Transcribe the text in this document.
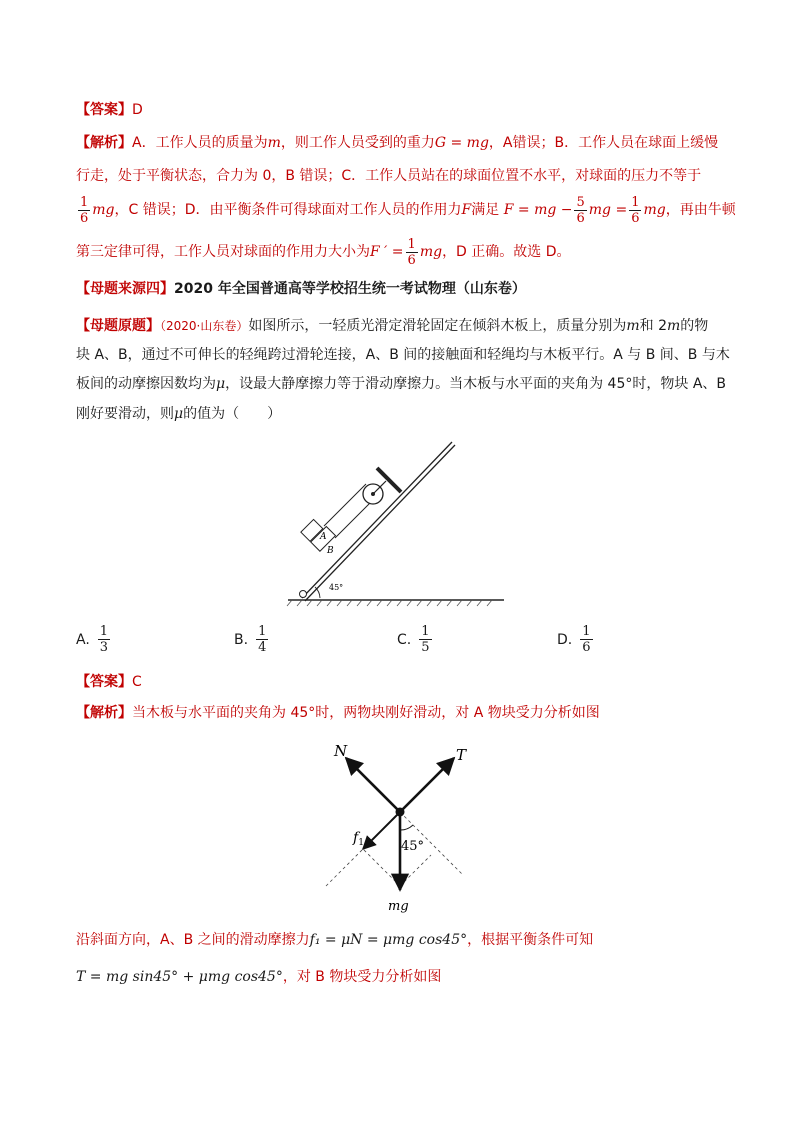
【答案】D
【解析】A．工作人员的质量为m，则工作人员受到的重力G = mg，A错误；B．工作人员在球面上缓慢
行走，处于平衡状态，合力为 0，B 错误；C．工作人员站在的球面位置不水平，对球面的压力不等于
$\frac{1}{6}$ mg，C 错误；D．由平衡条件可得球面对工作人员的作用力F满足 F = mg − $\frac{5}{6}$ mg = $\frac{1}{6}$ mg，再由牛顿
第三定律可得，工作人员对球面的作用力大小为F ′ = $\frac{1}{6}$ mg，D 正确。故选 D。
【母题来源四】2020 年全国普通高等学校招生统一考试物理（山东卷）
【母题原题】（2020·山东卷）如图所示，一轻质光滑定滑轮固定在倾斜木板上，质量分别为m和 2m的物
块 A、B，通过不可伸长的轻绳跨过滑轮连接，A、B 间的接触面和轻绳均与木板平行。A 与 B 间、B 与木
板间的动摩擦因数均为μ，设最大静摩擦力等于滑动摩擦力。当木板与水平面的夹角为 45°时，物块 A、B
刚好要滑动，则μ的值为（　　）
45°
B
A
A. $\frac{1}{3}$	B. $\frac{1}{4}$	C. $\frac{1}{5}$	D. $\frac{1}{6}$
【答案】C
【解析】当木板与水平面的夹角为 45°时，两物块刚好滑动，对 A 物块受力分析如图
N	T
$f_1$	45°
mg
沿斜面方向，A、B 之间的滑动摩擦力f₁ = μN = μmg cos45°，根据平衡条件可知
T = mg sin45° + μmg cos45°，对 B 物块受力分析如图
